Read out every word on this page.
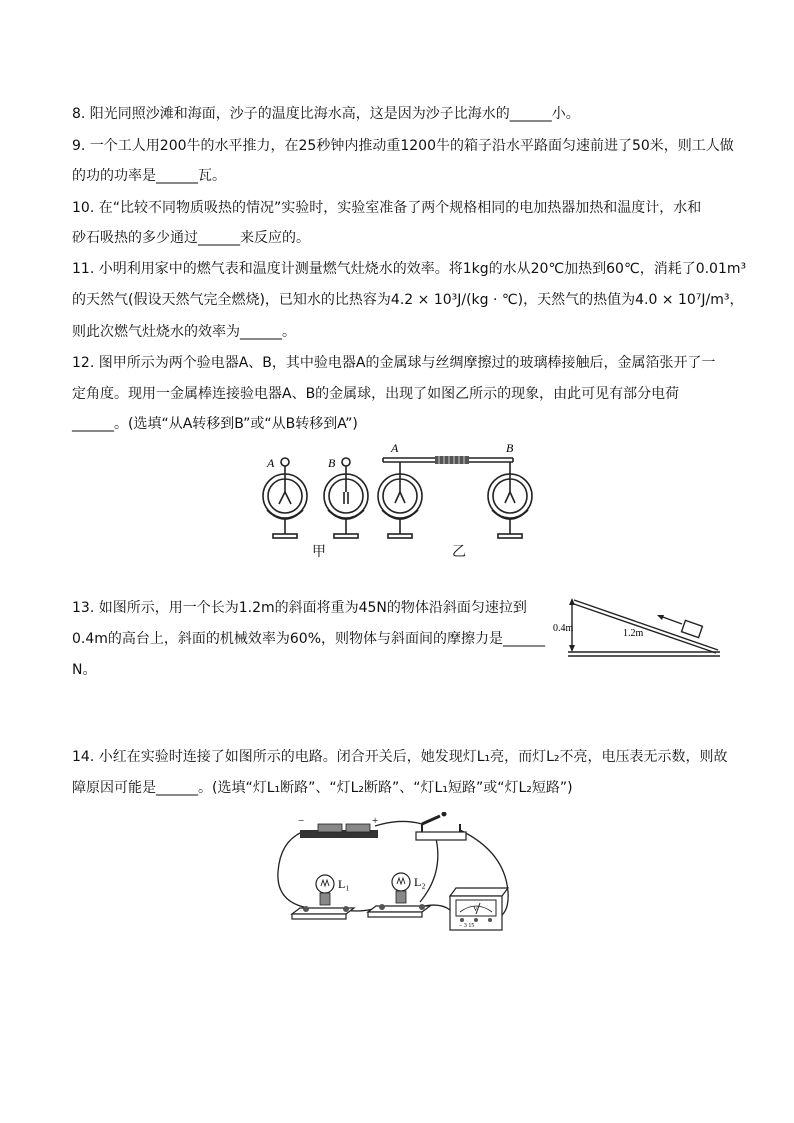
8. 阳光同照沙滩和海面，沙子的温度比海水高，这是因为沙子比海水的______小。
9. 一个工人用200牛的水平推力，在25秒钟内推动重1200牛的箱子沿水平路面匀速前进了50米，则工人做
的功的功率是______瓦。
10. 在“比较不同物质吸热的情况”实验时，实验室准备了两个规格相同的电加热器加热和温度计，水和
砂石吸热的多少通过______来反应的。
11. 小明利用家中的燃气表和温度计测量燃气灶烧水的效率。将1kg的水从20℃加热到60℃，消耗了0.01m³
的天然气(假设天然气完全燃烧)，已知水的比热容为4.2 × 10³J/(kg · ℃)，天然气的热值为4.0 × 10⁷J/m³，
则此次燃气灶烧水的效率为______。
12. 图甲所示为两个验电器A、B，其中验电器A的金属球与丝绸摩擦过的玻璃棒接触后，金属箔张开了一
定角度。现用一金属棒连接验电器A、B的金属球，出现了如图乙所示的现象，由此可见有部分电荷
______。(选填“从A转移到B”或“从B转移到A”)
A	B
A	B
甲	乙
13. 如图所示，用一个长为1.2m的斜面将重为45N的物体沿斜面匀速拉到
0.4m的高台上，斜面的机械效率为60%，则物体与斜面间的摩擦力是______
N。
0.4m	1.2m
14. 小红在实验时连接了如图所示的电路。闭合开关后，她发现灯L₁亮，而灯L₂不亮，电压表无示数，则故
障原因可能是______。(选填“灯L₁断路”、“灯L₂断路”、“灯L₁短路”或“灯L₂短路”)
−	+
L₁	L₂
V
− 3 15
